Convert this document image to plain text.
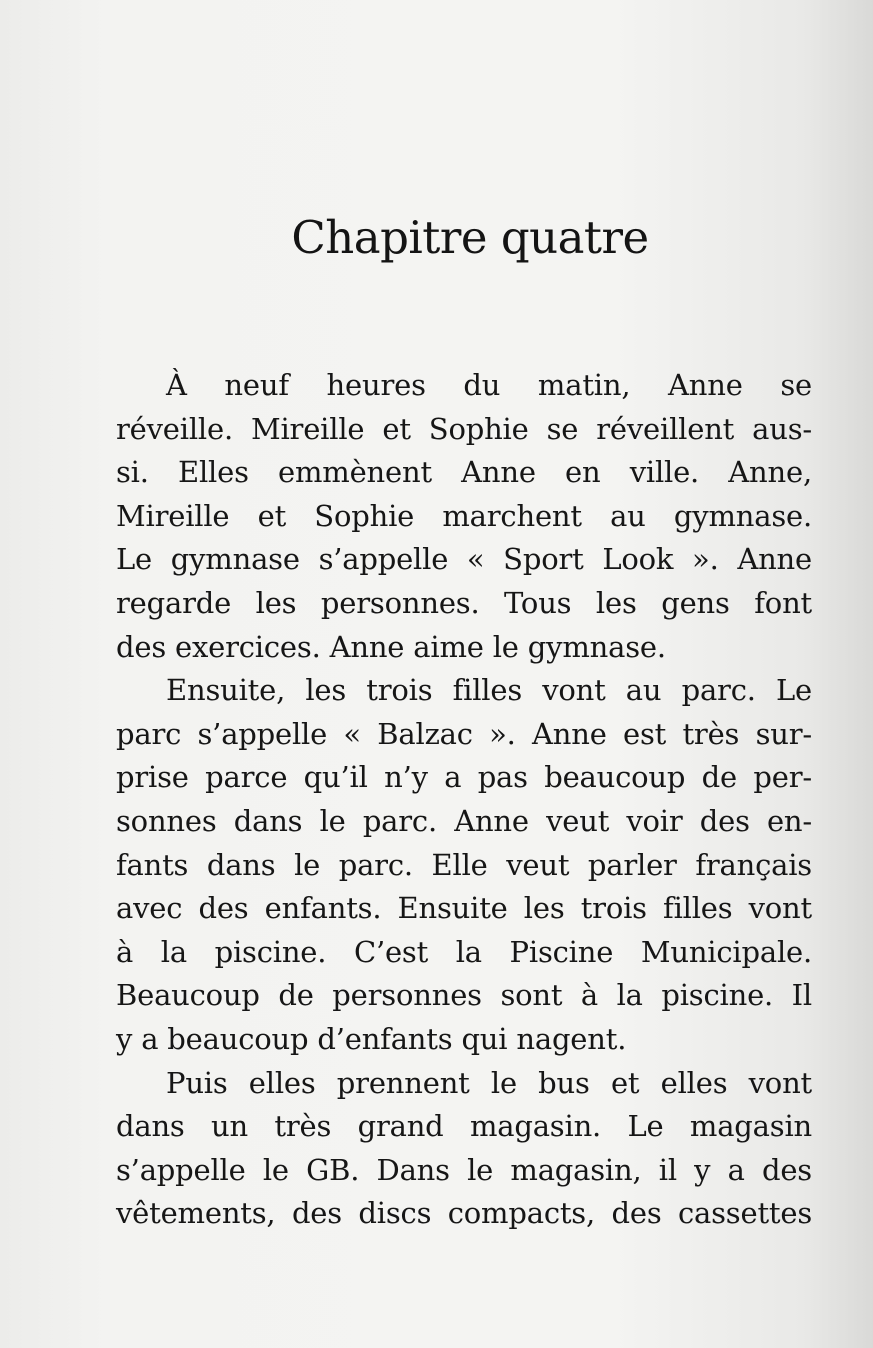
Chapitre quatre
À neuf heures du matin, Anne se
réveille. Mireille et Sophie se réveillent aus-
si. Elles emmènent Anne en ville. Anne,
Mireille et Sophie marchent au gymnase.
Le gymnase s’appelle « Sport Look ». Anne
regarde les personnes. Tous les gens font
des exercices. Anne aime le gymnase.
Ensuite, les trois filles vont au parc. Le
parc s’appelle « Balzac ». Anne est très sur-
prise parce qu’il n’y a pas beaucoup de per-
sonnes dans le parc. Anne veut voir des en-
fants dans le parc. Elle veut parler français
avec des enfants. Ensuite les trois filles vont
à la piscine. C’est la Piscine Municipale.
Beaucoup de personnes sont à la piscine. Il
y a beaucoup d’enfants qui nagent.
Puis elles prennent le bus et elles vont
dans un très grand magasin. Le magasin
s’appelle le GB. Dans le magasin, il y a des
vêtements, des discs compacts, des cassettes
